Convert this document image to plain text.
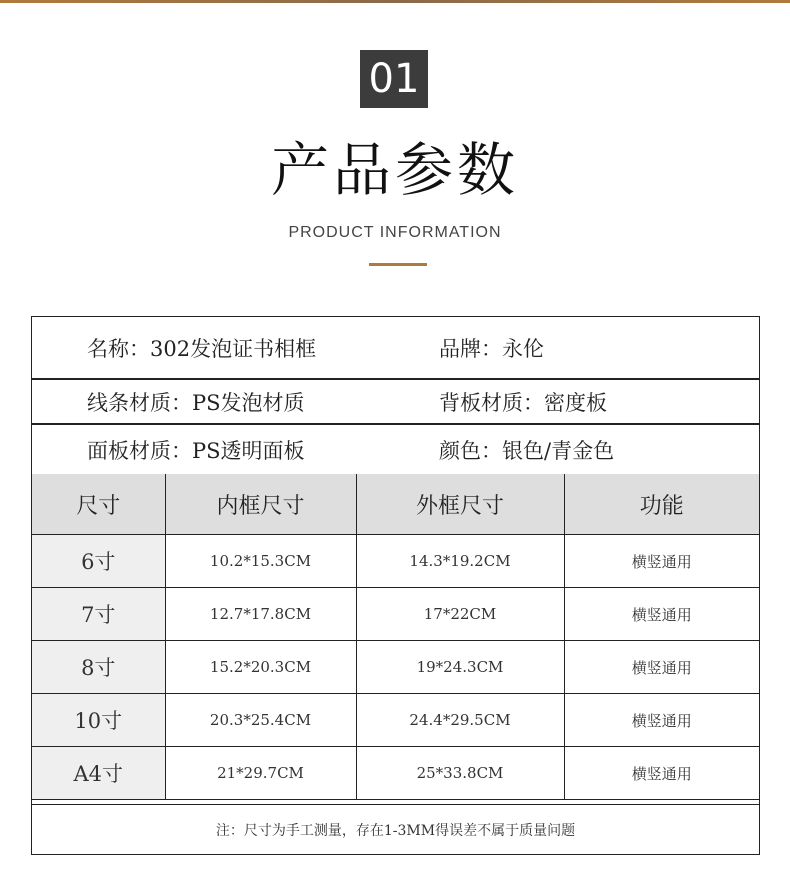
01
产品参数
PRODUCT INFORMATION
名称：302发泡证书相框	品牌：永伦
线条材质：PS发泡材质	背板材质：密度板
面板材质：PS透明面板	颜色：银色/青金色
尺寸	内框尺寸	外框尺寸	功能
6寸	10.2*15.3CM	14.3*19.2CM	横竖通用
7寸	12.7*17.8CM	17*22CM	横竖通用
8寸	15.2*20.3CM	19*24.3CM	横竖通用
10寸	20.3*25.4CM	24.4*29.5CM	横竖通用
A4寸	21*29.7CM	25*33.8CM	横竖通用
注：尺寸为手工测量，存在1-3MM得误差不属于质量问题
